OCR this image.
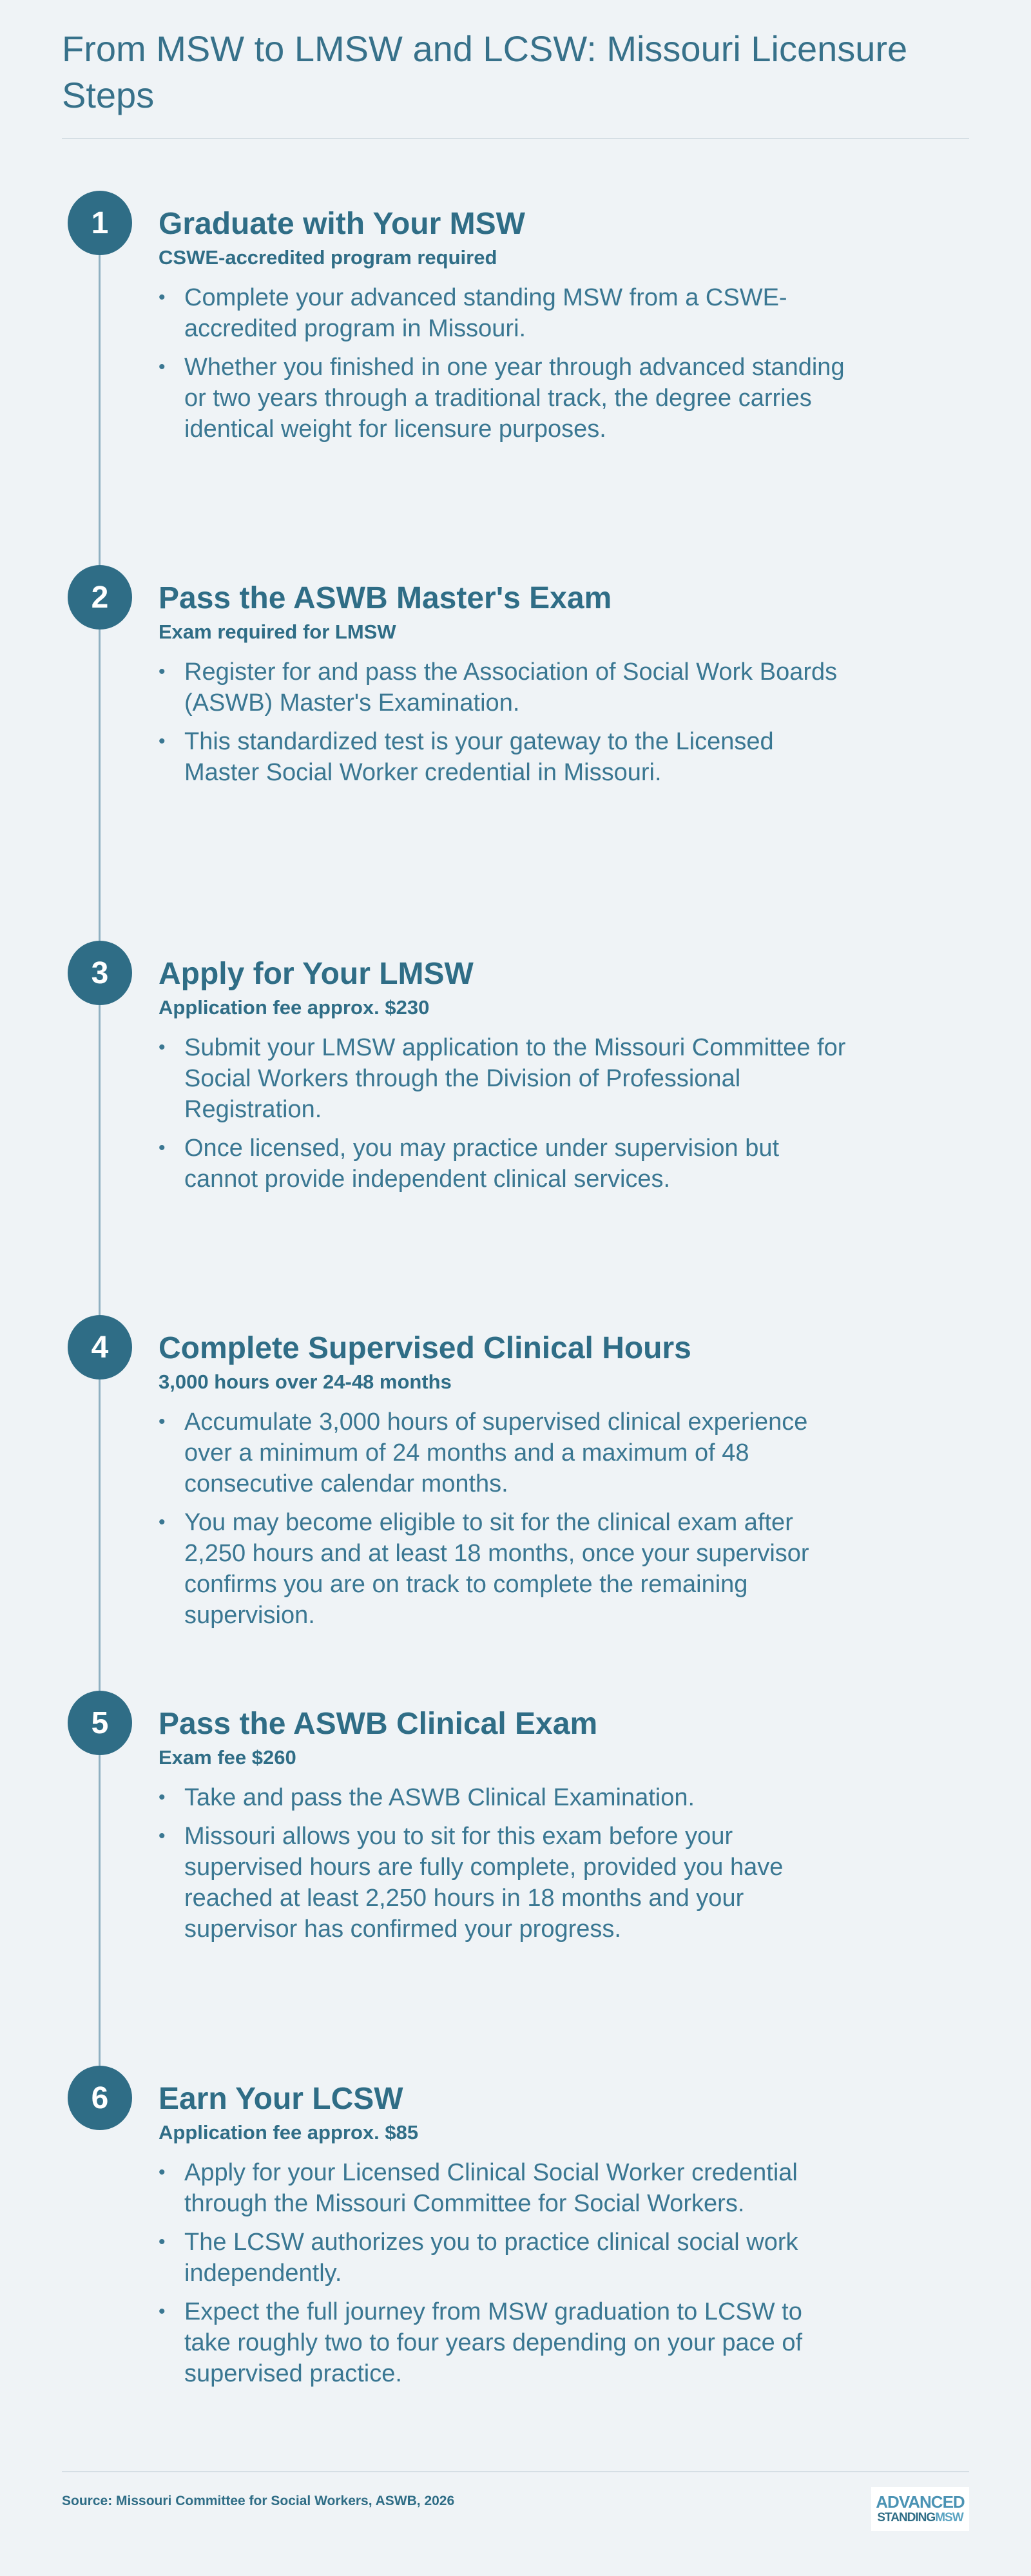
From MSW to LMSW and LCSW: Missouri Licensure Steps
1	Graduate with Your MSW
CSWE-accredited program required
• Complete your advanced standing MSW from a CSWE-accredited program in Missouri.
• Whether you finished in one year through advanced standing or two years through a traditional track, the degree carries identical weight for licensure purposes.
2	Pass the ASWB Master's Exam
Exam required for LMSW
• Register for and pass the Association of Social Work Boards (ASWB) Master's Examination.
• This standardized test is your gateway to the Licensed Master Social Worker credential in Missouri.
3	Apply for Your LMSW
Application fee approx. $230
• Submit your LMSW application to the Missouri Committee for Social Workers through the Division of Professional Registration.
• Once licensed, you may practice under supervision but cannot provide independent clinical services.
4	Complete Supervised Clinical Hours
3,000 hours over 24-48 months
• Accumulate 3,000 hours of supervised clinical experience over a minimum of 24 months and a maximum of 48 consecutive calendar months.
• You may become eligible to sit for the clinical exam after 2,250 hours and at least 18 months, once your supervisor confirms you are on track to complete the remaining supervision.
5	Pass the ASWB Clinical Exam
Exam fee $260
• Take and pass the ASWB Clinical Examination.
• Missouri allows you to sit for this exam before your supervised hours are fully complete, provided you have reached at least 2,250 hours in 18 months and your supervisor has confirmed your progress.
6	Earn Your LCSW
Application fee approx. $85
• Apply for your Licensed Clinical Social Worker credential through the Missouri Committee for Social Workers.
• The LCSW authorizes you to practice clinical social work independently.
• Expect the full journey from MSW graduation to LCSW to take roughly two to four years depending on your pace of supervised practice.
Source: Missouri Committee for Social Workers, ASWB, 2026	ADVANCED
STANDINGMSW
